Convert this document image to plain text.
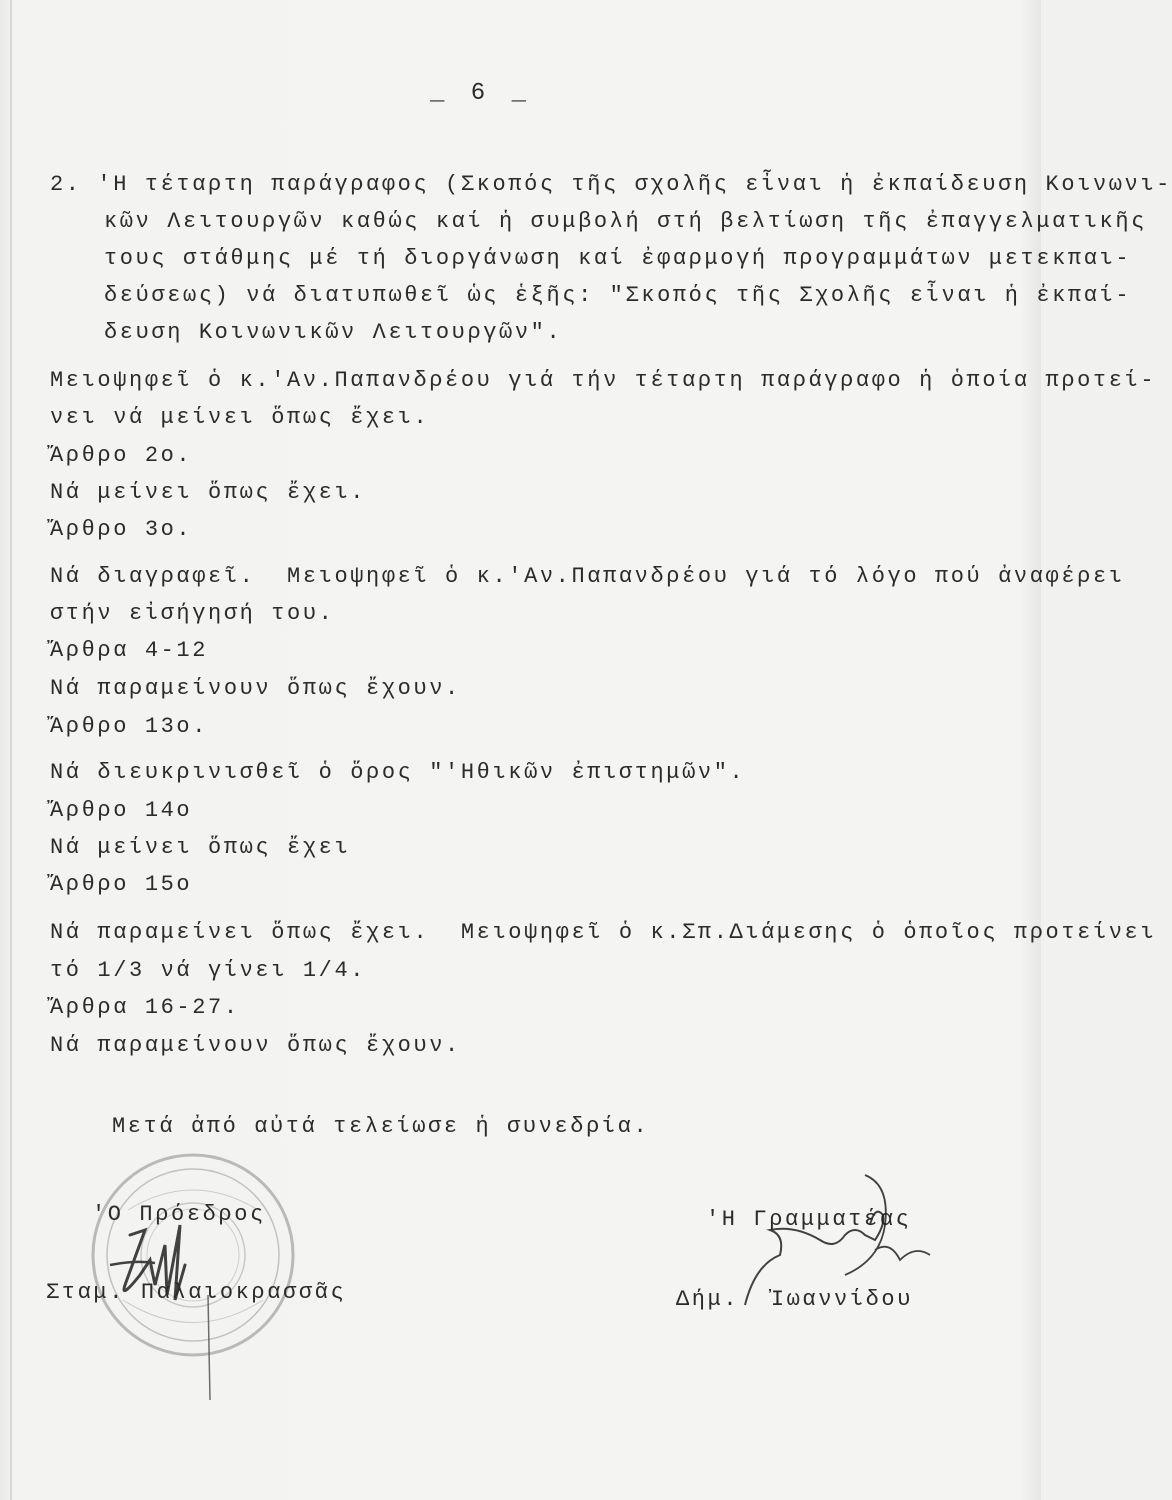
_ 6 _
2. 'Η τέταρτη παράγραφος (Σκοπός τῆς σχολῆς εἶναι ἡ ἐκπαίδευση Κοινωνι-
κῶν Λειτουργῶν καθώς καί ἡ συμβολή στή βελτίωση τῆς ἐπαγγελματικῆς
τους στάθμης μέ τή διοργάνωση καί ἐφαρμογή προγραμμάτων μετεκπαι-
δεύσεως) νά διατυπωθεῖ ὡς ἑξῆς: "Σκοπός τῆς Σχολῆς εἶναι ἡ ἐκπαί-
δευση Κοινωνικῶν Λειτουργῶν".
Μειοψηφεῖ ὁ κ.'Αν.Παπανδρέου γιά τήν τέταρτη παράγραφο ἡ ὁποία προτεί-
νει νά μείνει ὅπως ἔχει.
Ἄρθρο 2ο.
Νά μείνει ὅπως ἔχει.
Ἄρθρο 3ο.
Νά διαγραφεῖ.  Μειοψηφεῖ ὁ κ.'Αν.Παπανδρέου γιά τό λόγο πού ἀναφέρει
στήν εἰσήγησή του.
Ἄρθρα 4-12
Νά παραμείνουν ὅπως ἔχουν.
Ἄρθρο 13ο.
Νά διευκρινισθεῖ ὁ ὅρος "'Ηθικῶν ἐπιστημῶν".
Ἄρθρο 14ο
Νά μείνει ὅπως ἔχει
Ἄρθρο 15ο
Νά παραμείνει ὅπως ἔχει.  Μειοψηφεῖ ὁ κ.Σπ.Διάμεσης ὁ ὁποῖος προτείνει
τό 1/3 νά γίνει 1/4.
Ἄρθρα 16-27.
Νά παραμείνουν ὅπως ἔχουν.
Μετά ἀπό αὐτά τελείωσε ἡ συνεδρία.
'Ο Πρόεδρος
Σταμ. Παλαιοκρασσᾶς
'Η Γραμματέας
Δήμ.  Ἰωαννίδου
